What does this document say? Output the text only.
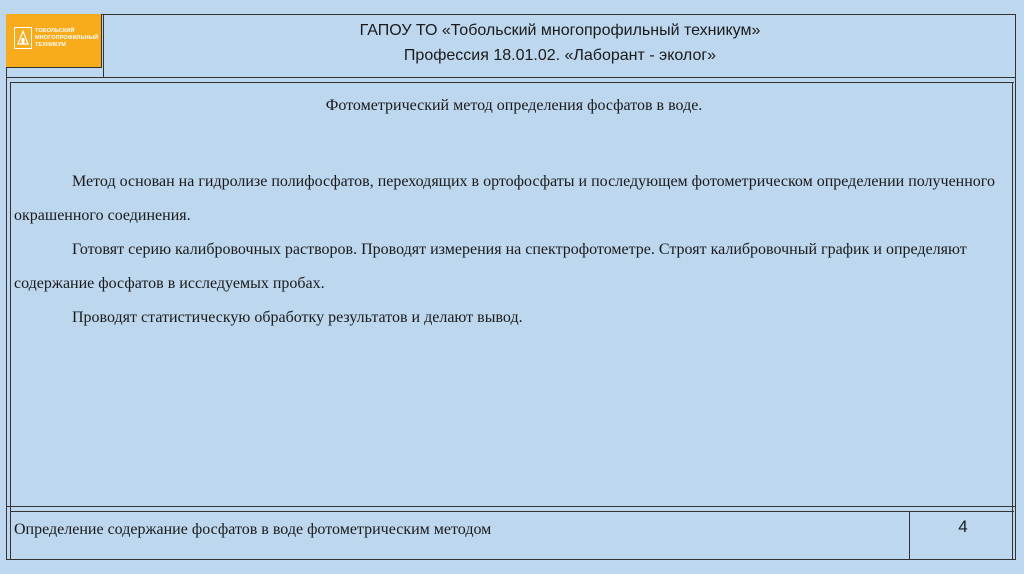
ТОБОЛЬСКИЙ МНОГОПРОФИЛЬНЫЙ ТЕХНИКУМ
ГАПОУ ТО «Тобольский многопрофильный техникум»
Профессия 18.01.02. «Лаборант - эколог»
Фотометрический метод определения фосфатов в воде.

Метод основан на гидролизе полифосфатов, переходящих в ортофосфаты и последующем фотометрическом определении полученного окрашенного соединения.

Готовят серию калибровочных растворов. Проводят измерения на спектрофотометре. Строят калибровочный график и определяют содержание фосфатов в исследуемых пробах.

Проводят статистическую обработку результатов и делают вывод.

Определение содержание фосфатов в воде фотометрическим методом	4
